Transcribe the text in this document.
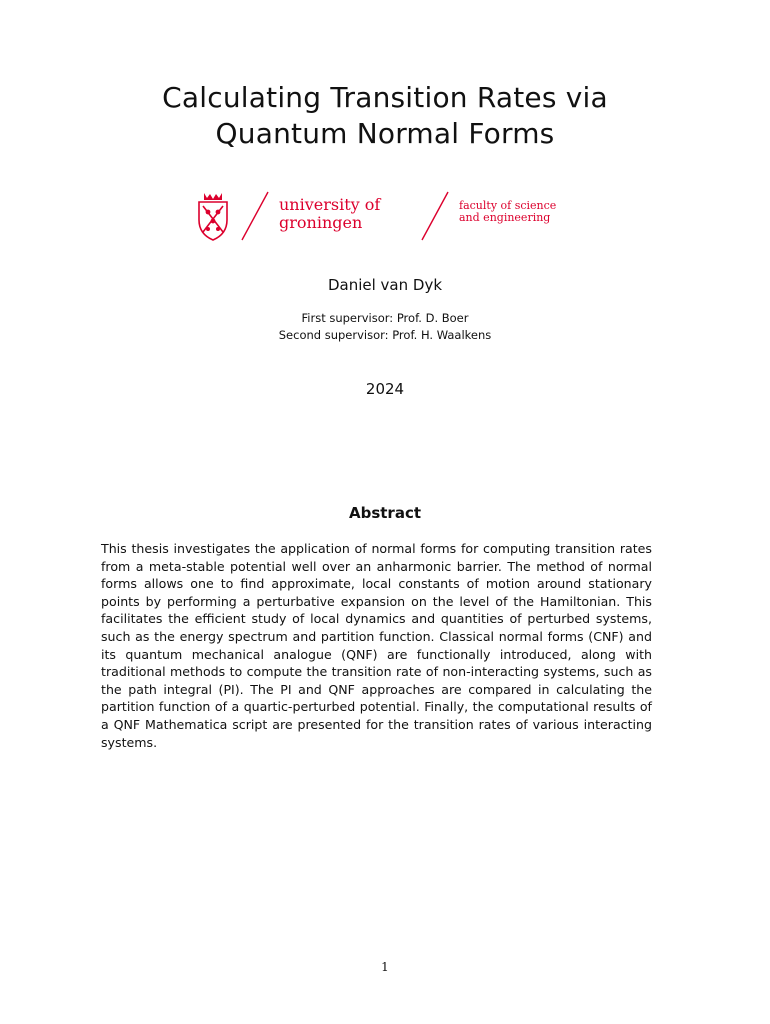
Calculating Transition Rates via
Quantum Normal Forms
university of
groningen
faculty of science
and engineering
Daniel van Dyk
First supervisor: Prof. D. Boer
Second supervisor: Prof. H. Waalkens
2024
Abstract

This thesis investigates the application of normal forms for computing transition rates from a meta-stable potential well over an anharmonic barrier. The method of normal forms allows one to find approximate, local constants of motion around stationary points by performing a perturbative expansion on the level of the Hamiltonian. This facilitates the efficient study of local dynamics and quantities of perturbed systems, such as the energy spectrum and partition function. Classical normal forms (CNF) and its quantum mechanical analogue (QNF) are functionally introduced, along with traditional methods to compute the transition rate of non-interacting systems, such as the path integral (PI). The PI and QNF approaches are compared in calculating the partition function of a quartic-perturbed potential. Finally, the computational results of a QNF Mathematica script are presented for the transition rates of various interacting systems.

1
